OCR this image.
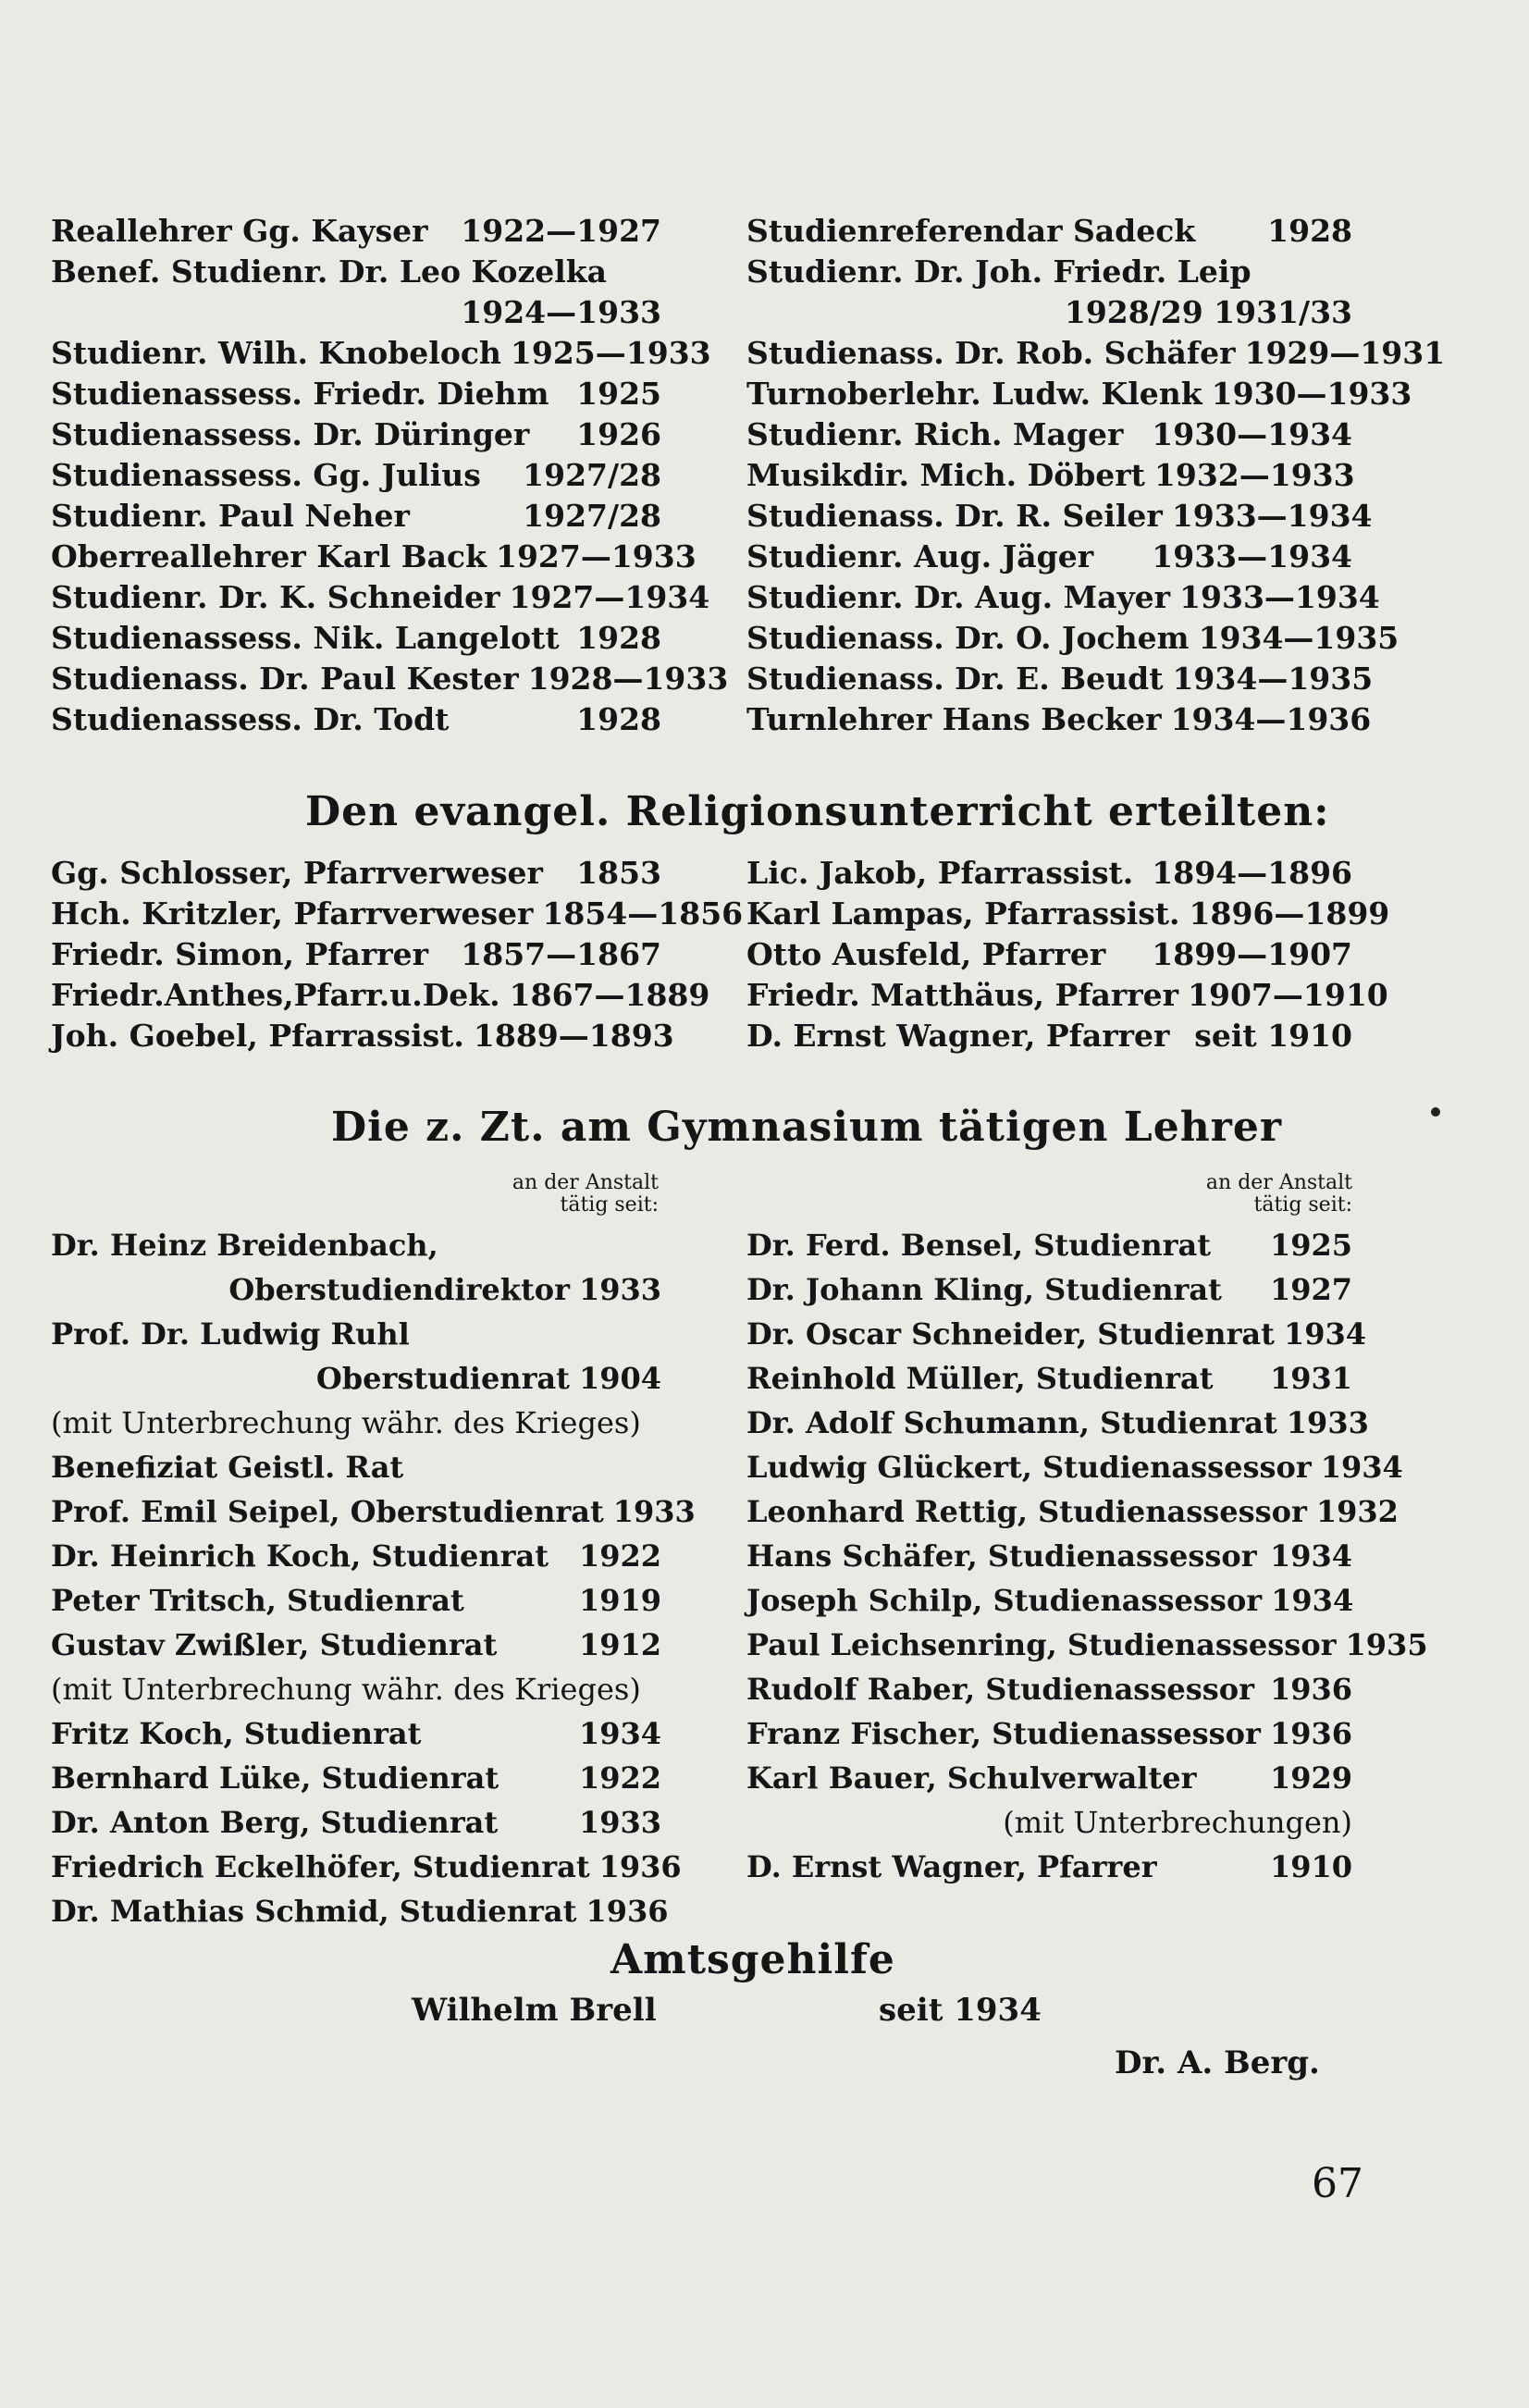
Reallehrer Gg. Kayser	1922—1927
Benef. Studienr. Dr. Leo Kozelka
1924—1933
Studienr. Wilh. Knobeloch 1925—1933
Studienassess. Friedr. Diehm 1925
Studienassess. Dr. Düringer	1926
Studienassess. Gg. Julius	1927/28
Studienr. Paul Neher	1927/28
Oberreallehrer Karl Back 1927—1933
Studienr. Dr. K. Schneider 1927—1934
Studienassess. Nik. Langelott 1928
Studienass. Dr. Paul Kester 1928—1933
Studienassess. Dr. Todt	1928
Studienreferendar Sadeck	1928
Studienr. Dr. Joh. Friedr. Leip
1928/29 1931/33
Studienass. Dr. Rob. Schäfer 1929—1931
Turnoberlehr. Ludw. Klenk 1930—1933
Studienr. Rich. Mager 1930—1934
Musikdir. Mich. Döbert 1932—1933
Studienass. Dr. R. Seiler 1933—1934
Studienr. Aug. Jäger	1933—1934
Studienr. Dr. Aug. Mayer 1933—1934
Studienass. Dr. O. Jochem 1934—1935
Studienass. Dr. E. Beudt 1934—1935
Turnlehrer Hans Becker 1934—1936
Den evangel. Religionsunterricht erteilten:
Gg. Schlosser, Pfarrverweser	1853
Hch. Kritzler, Pfarrverweser 1854—1856
Friedr. Simon, Pfarrer	1857—1867
Friedr.Anthes,Pfarr.u.Dek. 1867—1889
Joh. Goebel, Pfarrassist. 1889—1893
Lic. Jakob, Pfarrassist. 1894—1896
Karl Lampas, Pfarrassist. 1896—1899
Otto Ausfeld, Pfarrer	1899—1907
Friedr. Matthäus, Pfarrer 1907—1910
D. Ernst Wagner, Pfarrer seit 1910
Die z. Zt. am Gymnasium tätigen Lehrer
an der Anstalt
tätig seit:
an der Anstalt
tätig seit:
Dr. Heinz Breidenbach,
Oberstudiendirektor 1933
Prof. Dr. Ludwig Ruhl
Oberstudienrat 1904
(mit Unterbrechung währ. des Krieges)
Benefiziat Geistl. Rat
Prof. Emil Seipel, Oberstudienrat 1933
Dr. Heinrich Koch, Studienrat	1922
Peter Tritsch, Studienrat	1919
Gustav Zwißler, Studienrat	1912
(mit Unterbrechung währ. des Krieges)
Fritz Koch, Studienrat	1934
Bernhard Lüke, Studienrat	1922
Dr. Anton Berg, Studienrat	1933
Friedrich Eckelhöfer, Studienrat 1936
Dr. Mathias Schmid, Studienrat 1936
Dr. Ferd. Bensel, Studienrat	1925
Dr. Johann Kling, Studienrat	1927
Dr. Oscar Schneider, Studienrat 1934
Reinhold Müller, Studienrat	1931
Dr. Adolf Schumann, Studienrat 1933
Ludwig Glückert, Studienassessor 1934
Leonhard Rettig, Studienassessor 1932
Hans Schäfer, Studienassessor 1934
Joseph Schilp, Studienassessor 1934
Paul Leichsenring, Studienassessor 1935
Rudolf Raber, Studienassessor 1936
Franz Fischer, Studienassessor 1936
Karl Bauer, Schulverwalter	1929
(mit Unterbrechungen)
D. Ernst Wagner, Pfarrer	1910
Amtsgehilfe
Wilhelm Brell	seit 1934
Dr. A. Berg.
67
